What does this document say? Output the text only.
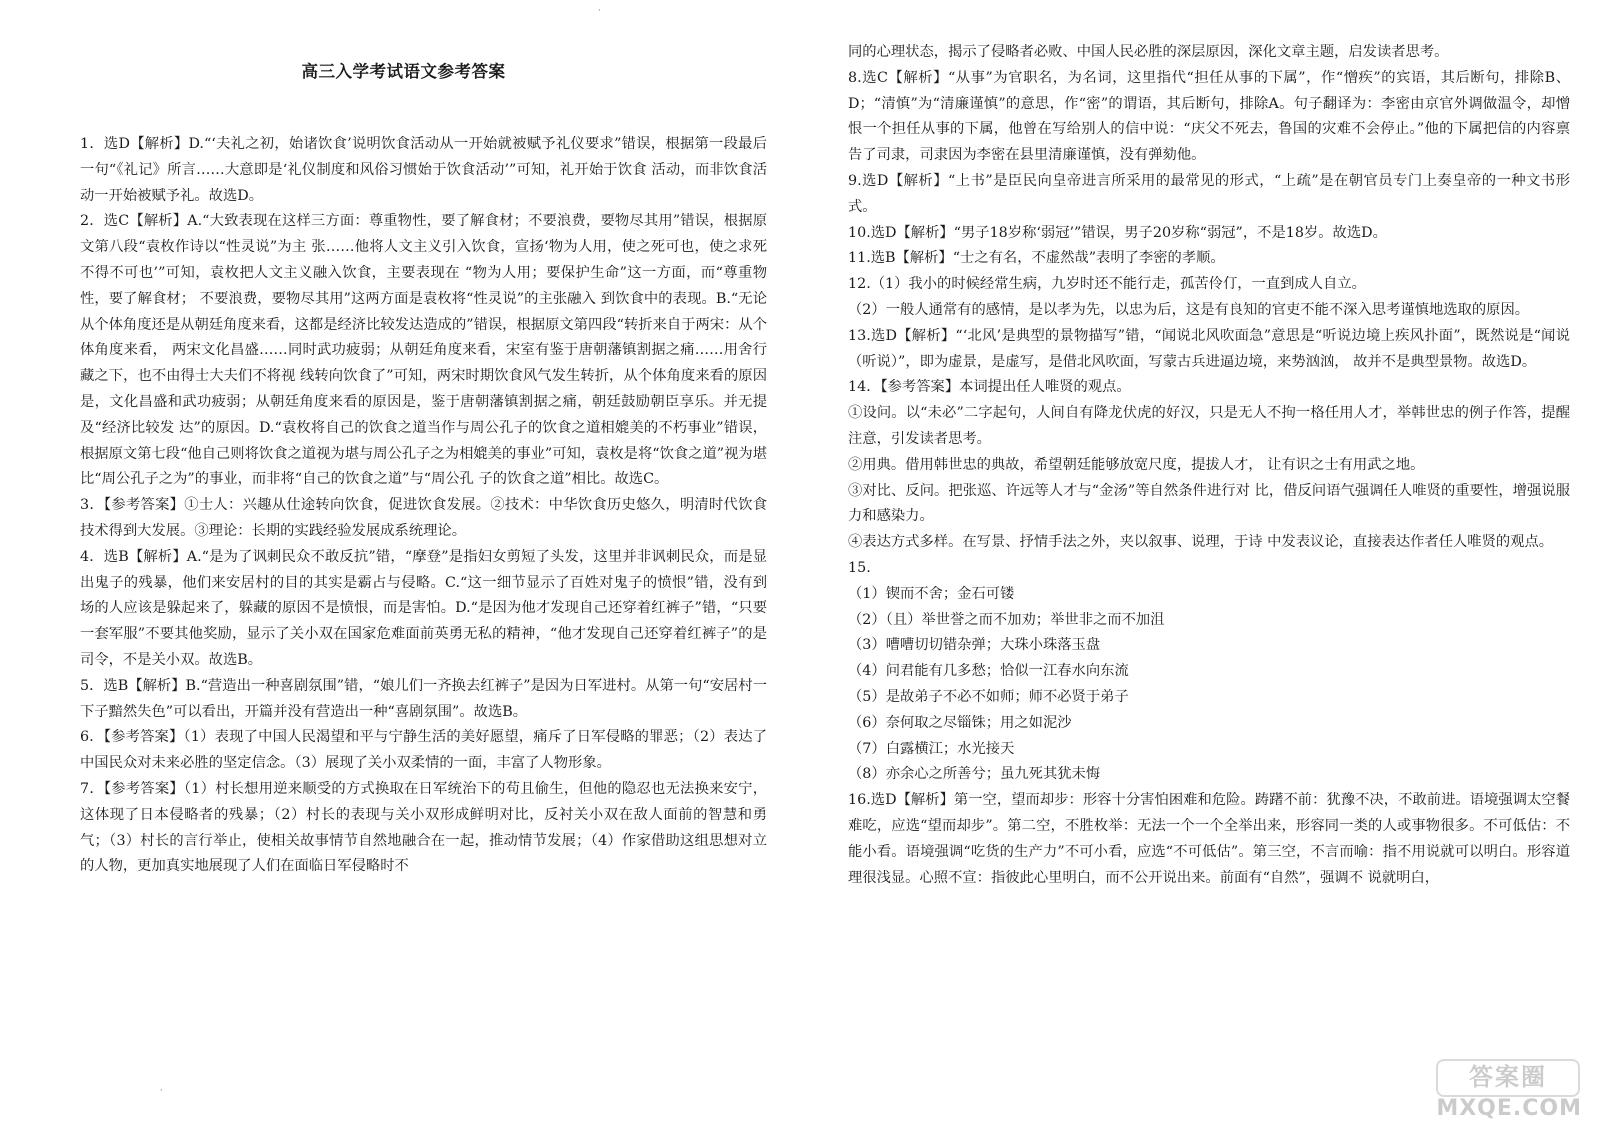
·
·
高三入学考试语文参考答案

1．选D【解析】D.“‘夫礼之初，始诸饮食’说明饮食活动从一开始就被赋予礼仪要求”错误，根据第一段最后一句“《礼记》所言……大意即是‘礼仪制度和风俗习惯始于饮食活动’”可知，礼开始于饮食 活动，而非饮食活动一开始被赋予礼。故选D。

2．选C【解析】A.“大致表现在这样三方面：尊重物性，要了解食材；不要浪费，要物尽其用”错误，根据原文第八段“袁枚作诗以“性灵说”为主 张……他将人文主义引入饮食，宣扬‘物为人用，使之死可也，使之求死不得不可也’”可知，袁枚把人文主义融入饮食，主要表现在 “物为人用；要保护生命”这一方面，而“尊重物性，要了解食材； 不要浪费，要物尽其用”这两方面是袁枚将“性灵说”的主张融入 到饮食中的表现。B.“无论从个体角度还是从朝廷角度来看，这都是经济比较发达造成的”错误，根据原文第四段“转折来自于两宋：从个体角度来看， 两宋文化昌盛……同时武功疲弱；从朝廷角度来看，宋室有鉴于唐朝藩镇割据之痛……用舍行藏之下，也不由得士大夫们不将视 线转向饮食了”可知，两宋时期饮食风气发生转折，从个体角度来看的原因是，文化昌盛和武功疲弱；从朝廷角度来看的原因是，鉴于唐朝藩镇割据之痛，朝廷鼓励朝臣享乐。并无提及“经济比较发 达”的原因。D.“袁枚将自己的饮食之道当作与周公孔子的饮食之道相媲美的不朽事业”错误，根据原文第七段“他自己则将饮食之道视为堪与周公孔子之为相媲美的事业”可知，袁枚是将“饮食之道”视为堪比“周公孔子之为”的事业，而非将“自己的饮食之道”与“周公孔 子的饮食之道”相比。故选C。

3．【参考答案】①士人：兴趣从仕途转向饮食，促进饮食发展。②技术：中华饮食历史悠久，明清时代饮食技术得到大发展。③理论：长期的实践经验发展成系统理论。

4．选B【解析】A.“是为了讽刺民众不敢反抗”错，“摩登”是指妇女剪短了头发，这里并非讽刺民众，而是显出鬼子的残暴，他们来安居村的目的其实是霸占与侵略。C.“这一细节显示了百姓对鬼子的愤恨”错，没有到场的人应该是躲起来了，躲藏的原因不是愤恨，而是害怕。D.“是因为他才发现自己还穿着红裤子”错，“只要一套军服”不要其他奖励，显示了关小双在国家危难面前英勇无私的精神，“他才发现自己还穿着红裤子”的是司令，不是关小双。故选B。

5．选B【解析】B.“营造出一种喜剧氛围”错，“娘儿们一齐换去红裤子”是因为日军进村。从第一句“安居村一下子黯然失色”可以看出，开篇并没有营造出一种“喜剧氛围”。故选B。

6．【参考答案】（1）表现了中国人民渴望和平与宁静生活的美好愿望，痛斥了日军侵略的罪恶；（2）表达了中国民众对未来必胜的坚定信念。（3）展现了关小双柔情的一面，丰富了人物形象。

7．【参考答案】（1）村长想用逆来顺受的方式换取在日军统治下的苟且偷生，但他的隐忍也无法换来安宁，这体现了日本侵略者的残暴；（2）村长的表现与关小双形成鲜明对比，反衬关小双在敌人面前的智慧和勇气；（3）村长的言行举止，使相关故事情节自然地融合在一起，推动情节发展；（4）作家借助这组思想对立的人物，更加真实地展现了人们在面临日军侵略时不

同的心理状态，揭示了侵略者必败、中国人民必胜的深层原因，深化文章主题，启发读者思考。

8.选C【解析】“从事”为官职名，为名词，这里指代“担任从事的下属”，作“憎疾”的宾语，其后断句，排除B、D；“清慎”为“清廉谨慎”的意思，作“密”的谓语，其后断句，排除A。句子翻译为：李密由京官外调做温令，却憎恨一个担任从事的下属，他曾在写给别人的信中说：“庆父不死去，鲁国的灾难不会停止。”他的下属把信的内容禀告了司隶，司隶因为李密在县里清廉谨慎，没有弹劾他。

9.选D【解析】“上书”是臣民向皇帝进言所采用的最常见的形式，“上疏”是在朝官员专门上奏皇帝的一种文书形式。

10.选D【解析】“男子18岁称‘弱冠’”错误，男子20岁称“弱冠”，不是18岁。故选D。

11.选B【解析】“士之有名，不虚然哉”表明了李密的孝顺。

12.（1）我小的时候经常生病，九岁时还不能行走，孤苦伶仃，一直到成人自立。

（2）一般人通常有的感情，是以孝为先，以忠为后，这是有良知的官吏不能不深入思考谨慎地选取的原因。

13.选D【解析】“‘北风’是典型的景物描写”错，“闻说北风吹面急”意思是“听说边境上疾风扑面”，既然说是“闻说（听说）”，即为虚景，是虚写，是借北风吹面，写蒙古兵进逼边境，来势汹汹， 故并不是典型景物。故选D。

14．【参考答案】本词提出任人唯贤的观点。

①设问。以“未必”二字起句，人间自有降龙伏虎的好汉，只是无人不拘一格任用人才，举韩世忠的例子作答，提醒注意，引发读者思考。

②用典。借用韩世忠的典故，希望朝廷能够放宽尺度，提拔人才， 让有识之士有用武之地。

③对比、反问。把张巡、许远等人才与“金汤”等自然条件进行对 比，借反问语气强调任人唯贤的重要性，增强说服力和感染力。

④表达方式多样。在写景、抒情手法之外，夹以叙事、说理，于诗 中发表议论，直接表达作者任人唯贤的观点。

15.

（1）锲而不舍；金石可镂

（2）（且）举世誉之而不加劝；举世非之而不加沮

（3）嘈嘈切切错杂弹；大珠小珠落玉盘

（4）问君能有几多愁；恰似一江春水向东流

（5）是故弟子不必不如师；师不必贤于弟子

（6）奈何取之尽锱铢；用之如泥沙

（7）白露横江；水光接天

（8）亦余心之所善兮；虽九死其犹未悔

16.选D【解析】第一空，望而却步：形容十分害怕困难和危险。踌躇不前：犹豫不决，不敢前进。语境强调太空餐难吃，应选“望而却步”。第二空，不胜枚举：无法一个一个全举出来，形容同一类的人或事物很多。不可低估：不能小看。语境强调“吃货的生产力”不可小看，应选“不可低估”。第三空，不言而喻：指不用说就可以明白。形容道理很浅显。心照不宣：指彼此心里明白，而不公开说出来。前面有“自然”，强调不 说就明白，

答案圈
MXQE.COM
